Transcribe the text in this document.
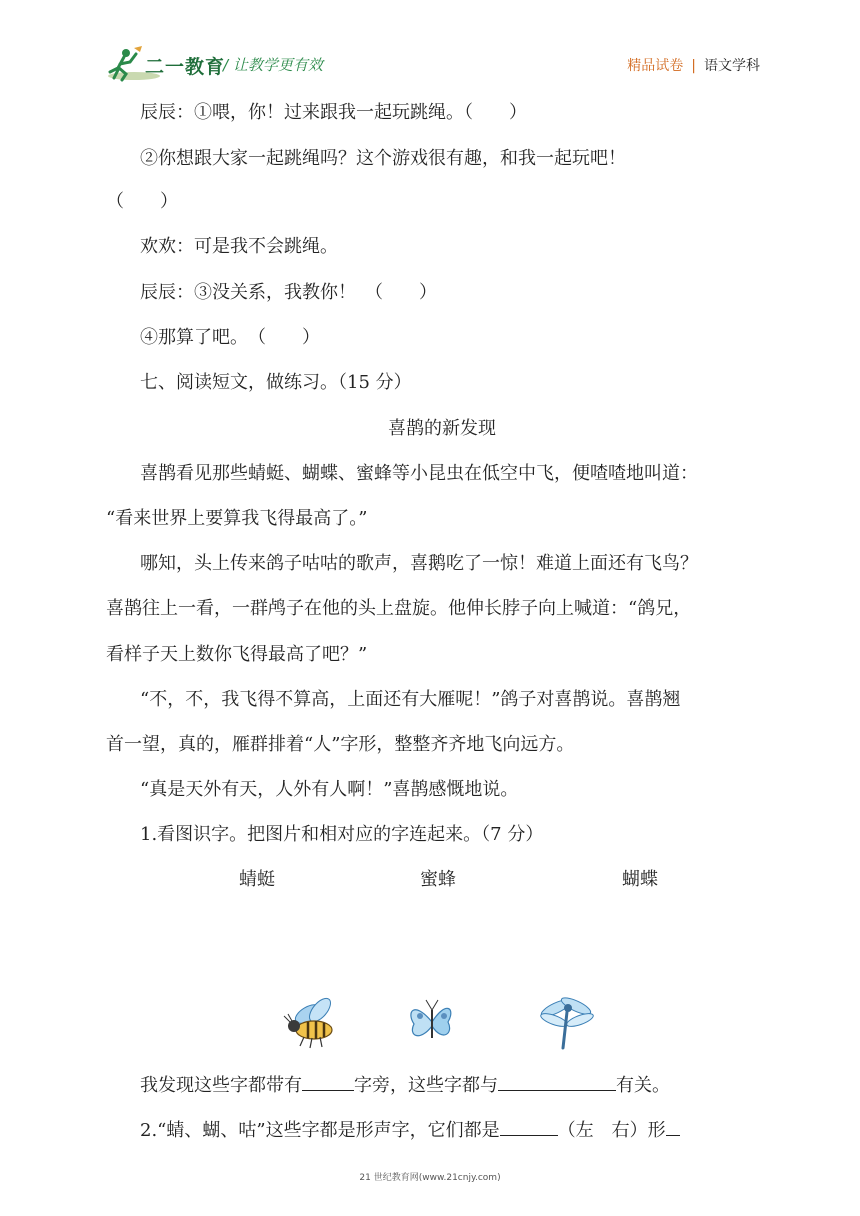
二一教育
/ 让教学更有效	精品试卷 | 语文学科
辰辰：①喂，你！过来跟我一起玩跳绳。（　　）
②你想跟大家一起跳绳吗？这个游戏很有趣，和我一起玩吧！
（　　）
欢欢：可是我不会跳绳。
辰辰：③没关系，我教你！　（　　）
④那算了吧。　（　　）
七、阅读短文，做练习。（15 分）
喜鹊的新发现
喜鹊看见那些蜻蜓、蝴蝶、蜜蜂等小昆虫在低空中飞，便喳喳地叫道：
“看来世界上要算我飞得最高了。”
哪知，头上传来鸽子咕咕的歌声，喜鹅吃了一惊！难道上面还有飞鸟？
喜鹊往上一看，一群鸬子在他的头上盘旋。他伸长脖子向上喊道：“鸽兄，
看样子天上数你飞得最高了吧？”
“不，不，我飞得不算高，上面还有大雁呢！”鸽子对喜鹊说。喜鹊翘
首一望，真的，雁群排着“人”字形，整整齐齐地飞向远方。
“真是天外有天，人外有人啊！”喜鹊感慨地说。
1.看图识字。把图片和相对应的字连起来。（7 分）
蜻蜓	蜜蜂	蝴蝶
我发现这些字都带有	字旁，这些字都与	有关。
2.“蜻、蝴、咕”这些字都是形声字，它们都是	（左　右）形
21 世纪教育网(www.21cnjy.com)
